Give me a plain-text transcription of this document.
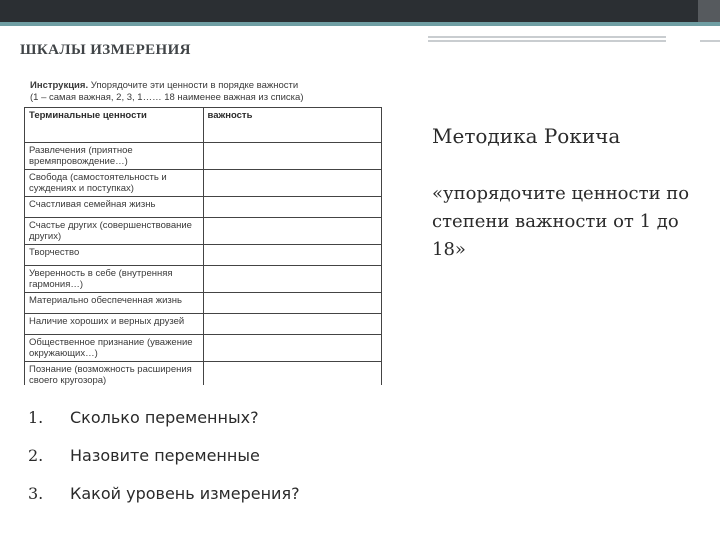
ШКАЛЫ ИЗМЕРЕНИЯ
Инструкция. Упорядочите эти ценности в порядке важности
(1 – самая важная, 2, 3, 1…… 18 наименее важная из списка)
Терминальные ценности	важность
Развлечения (приятное времяпровождение…)	
Свобода (самостоятельность и суждениях и поступках)	
Счастливая семейная жизнь	
Счастье других (совершенствование других)	
Творчество	
Уверенность в себе (внутренняя гармония…)	
Материально обеспеченная жизнь	
Наличие хороших и верных друзей	
Общественное признание (уважение окружающих…)	
Познание (возможность расширения своего кругозора)	

Методика Рокича
«упорядочите ценности по степени важности от 1 до 18»
1.	Сколько переменных?
2.	Назовите переменные
3.	Какой уровень измерения?
